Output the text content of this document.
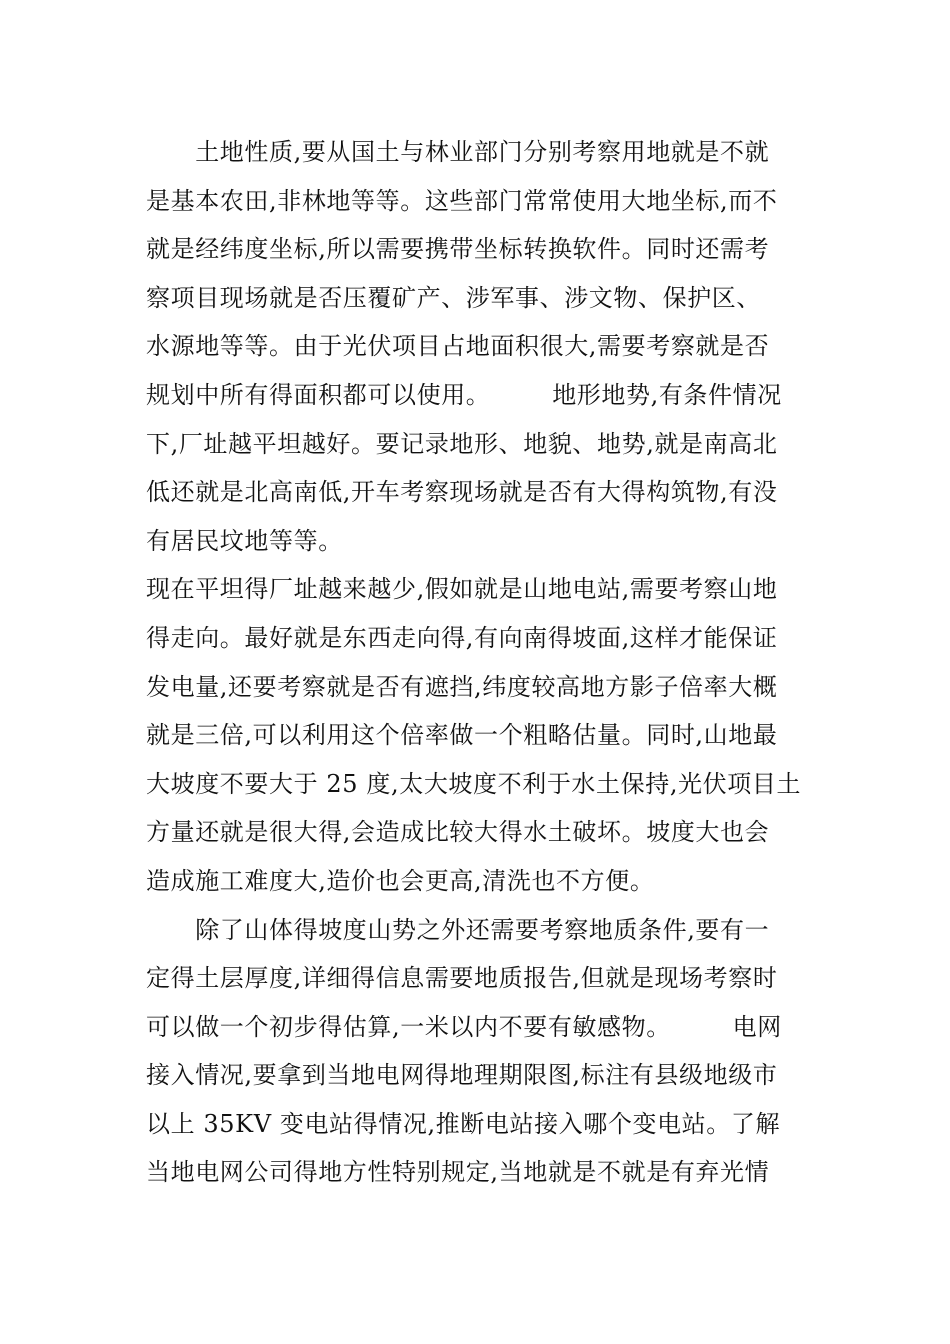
　　土地性质,要从国土与林业部门分别考察用地就是不就
是基本农田,非林地等等。这些部门常常使用大地坐标,而不
就是经纬度坐标,所以需要携带坐标转换软件。同时还需考
察项目现场就是否压覆矿产、涉军事、涉文物、保护区、
水源地等等。由于光伏项目占地面积很大,需要考察就是否
规划中所有得面积都可以使用。　　　地形地势,有条件情况
下,厂址越平坦越好。要记录地形、地貌、地势,就是南高北
低还就是北高南低,开车考察现场就是否有大得构筑物,有没
有居民坟地等等。
现在平坦得厂址越来越少,假如就是山地电站,需要考察山地
得走向。最好就是东西走向得,有向南得坡面,这样才能保证
发电量,还要考察就是否有遮挡,纬度较高地方影子倍率大概
就是三倍,可以利用这个倍率做一个粗略估量。同时,山地最
大坡度不要大于 25 度,太大坡度不利于水土保持,光伏项目土
方量还就是很大得,会造成比较大得水土破坏。坡度大也会
造成施工难度大,造价也会更高,清洗也不方便。
　　除了山体得坡度山势之外还需要考察地质条件,要有一
定得土层厚度,详细得信息需要地质报告,但就是现场考察时
可以做一个初步得估算,一米以内不要有敏感物。　　　电网
接入情况,要拿到当地电网得地理期限图,标注有县级地级市
以上 35KV 变电站得情况,推断电站接入哪个变电站。了解
当地电网公司得地方性特别规定,当地就是不就是有弃光情
